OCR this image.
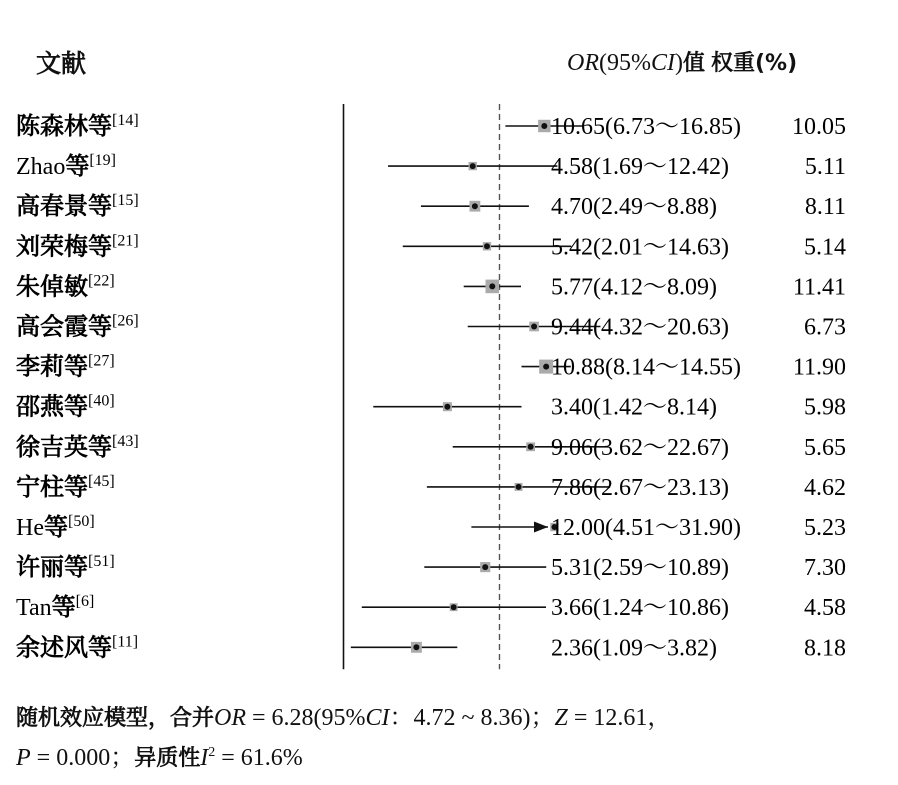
文献	OR(95%CI)值 权重(%)
陈森林等[14]	10.65(6.73～16.85) 10.05
Zhao等[19]	4.58(1.69～12.42)	5.11
高春景等[15]	4.70(2.49～8.88)	8.11
刘荣梅等[21]	5.42(2.01～14.63)	5.14
朱倬敏[22]	5.77(4.12～8.09)	11.41
高会霞等[26]	9.44(4.32～20.63)	6.73
李莉等[27]	10.88(8.14～14.55) 11.90
邵燕等[40]	3.40(1.42～8.14)	5.98
徐吉英等[43]	9.06(3.62～22.67)	5.65
宁柱等[45]	7.86(2.67～23.13)	4.62
He等[50]	12.00(4.51～31.90)	5.23
许丽等[51]	5.31(2.59～10.89)	7.30
Tan等[6]	3.66(1.24～10.86)	4.58
余述风等[11]	2.36(1.09～3.82)	8.18
随机效应模型，合并OR = 6.28(95%CI：4.72 ~ 8.36)；Z = 12.61，
P = 0.000；异质性$I^2 = 61.6\%$
